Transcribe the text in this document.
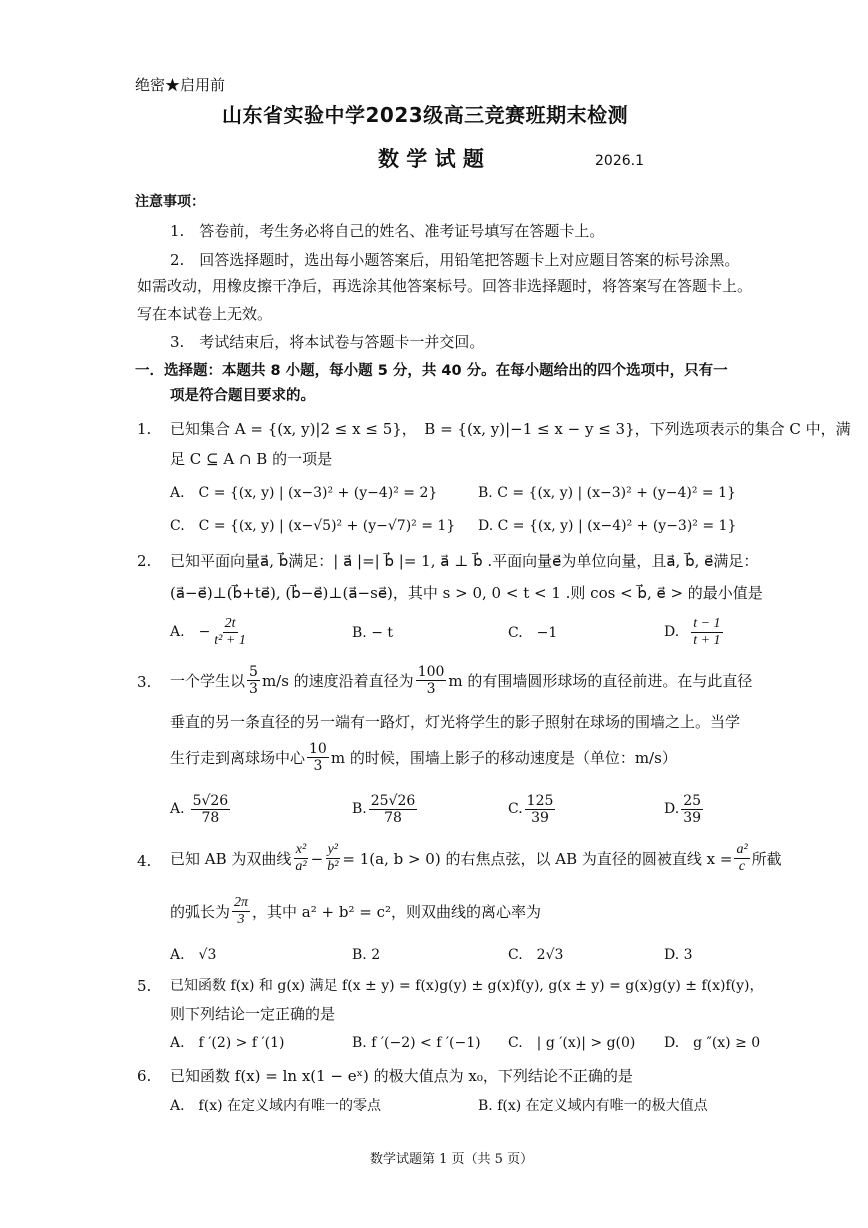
绝密★启用前
山东省实验中学2023级高三竞赛班期末检测
数 学 试 题	2026.1
注意事项：
1.　答卷前，考生务必将自己的姓名、准考证号填写在答题卡上。
2.　回答选择题时，选出每小题答案后，用铅笔把答题卡上对应题目答案的标号涂黑。
如需改动，用橡皮擦干净后，再选涂其他答案标号。回答非选择题时，将答案写在答题卡上。
写在本试卷上无效。
3.　考试结束后，将本试卷与答题卡一并交回。
一．选择题：本题共 8 小题，每小题 5 分，共 40 分。在每小题给出的四个选项中，只有一
项是符合题目要求的。
1. 已知集合 A = {(x, y)|2 ≤ x ≤ 5}，　B = {(x, y)|−1 ≤ x − y ≤ 3}，下列选项表示的集合 C 中，满
足 C ⊆ A ∩ B 的一项是
A.　C = {(x, y) | (x−3)² + (y−4)² = 2}	B. C = {(x, y) | (x−3)² + (y−4)² = 1}
C.　C = {(x, y) | (x−√5)² + (y−√7)² = 1} D. C = {(x, y) | (x−4)² + (y−3)² = 1}
2. 已知平面向量a⃗, b⃗满足：| a⃗ |=| b⃗ |= 1, a⃗ ⊥ b⃗ .平面向量e⃗为单位向量，且a⃗, b⃗, e⃗满足：
(a⃗−e⃗)⊥(b⃗+te⃗), (b⃗−e⃗)⊥(a⃗−se⃗)，其中 s > 0, 0 < t < 1 .则 cos < b⃗, e⃗ > 的最小值是
A. − $\frac{2t}{\text{t² + 1}}$	B. − t	C.　−1	D. $\frac{t - 1}{t + 1}$
3. 一个学生以 $\frac{5}{3} m/s$ 的速度沿着直径为 $\frac{100}{3}$ m 的有围墙圆形球场的直径前进。在与此直径
垂直的另一条直径的另一端有一路灯，灯光将学生的影子照射在球场的围墙之上。当学
生行走到离球场中心 $\frac{10}{3}$ m 的时候，围墙上影子的移动速度是（单位：m/s）
A. $\frac{5√26}{78}$	B. $\frac{25√26}{78}$	C. $\frac{125}{39}$	D. $\frac{25}{39}$
4. 已知 AB 为双曲线 $\frac{\text{x²}}{\text{a²}} - \frac{\text{y²}}{\text{b²}} = 1(a$, b > 0) 的右焦点弦，以 AB 为直径的圆被直线 $x = \frac{\text{a²}}{c}$ 所截
的弧长为 $\frac{2\pi}{3}$ ，其中 a² + b² = c²，则双曲线的离心率为
A.　√3	B. 2	C.　2√3	D. 3
5. 已知函数 f(x) 和 g(x) 满足 f(x ± y) = f(x)g(y) ± g(x)f(y), g(x ± y) = g(x)g(y) ± f(x)f(y)，
则下列结论一定正确的是
A.　f ′(2) > f ′(1)	B. f ′(−2) < f ′(−1) C.　| g ′(x)| > g(0) D.　g ″(x) ≥ 0
6. 已知函数 f(x) = ln x(1 − eˣ) 的极大值点为 x₀，下列结论不正确的是
A.　f(x) 在定义域内有唯一的零点	B. f(x) 在定义域内有唯一的极大值点
数学试题第 1 页（共 5 页）
